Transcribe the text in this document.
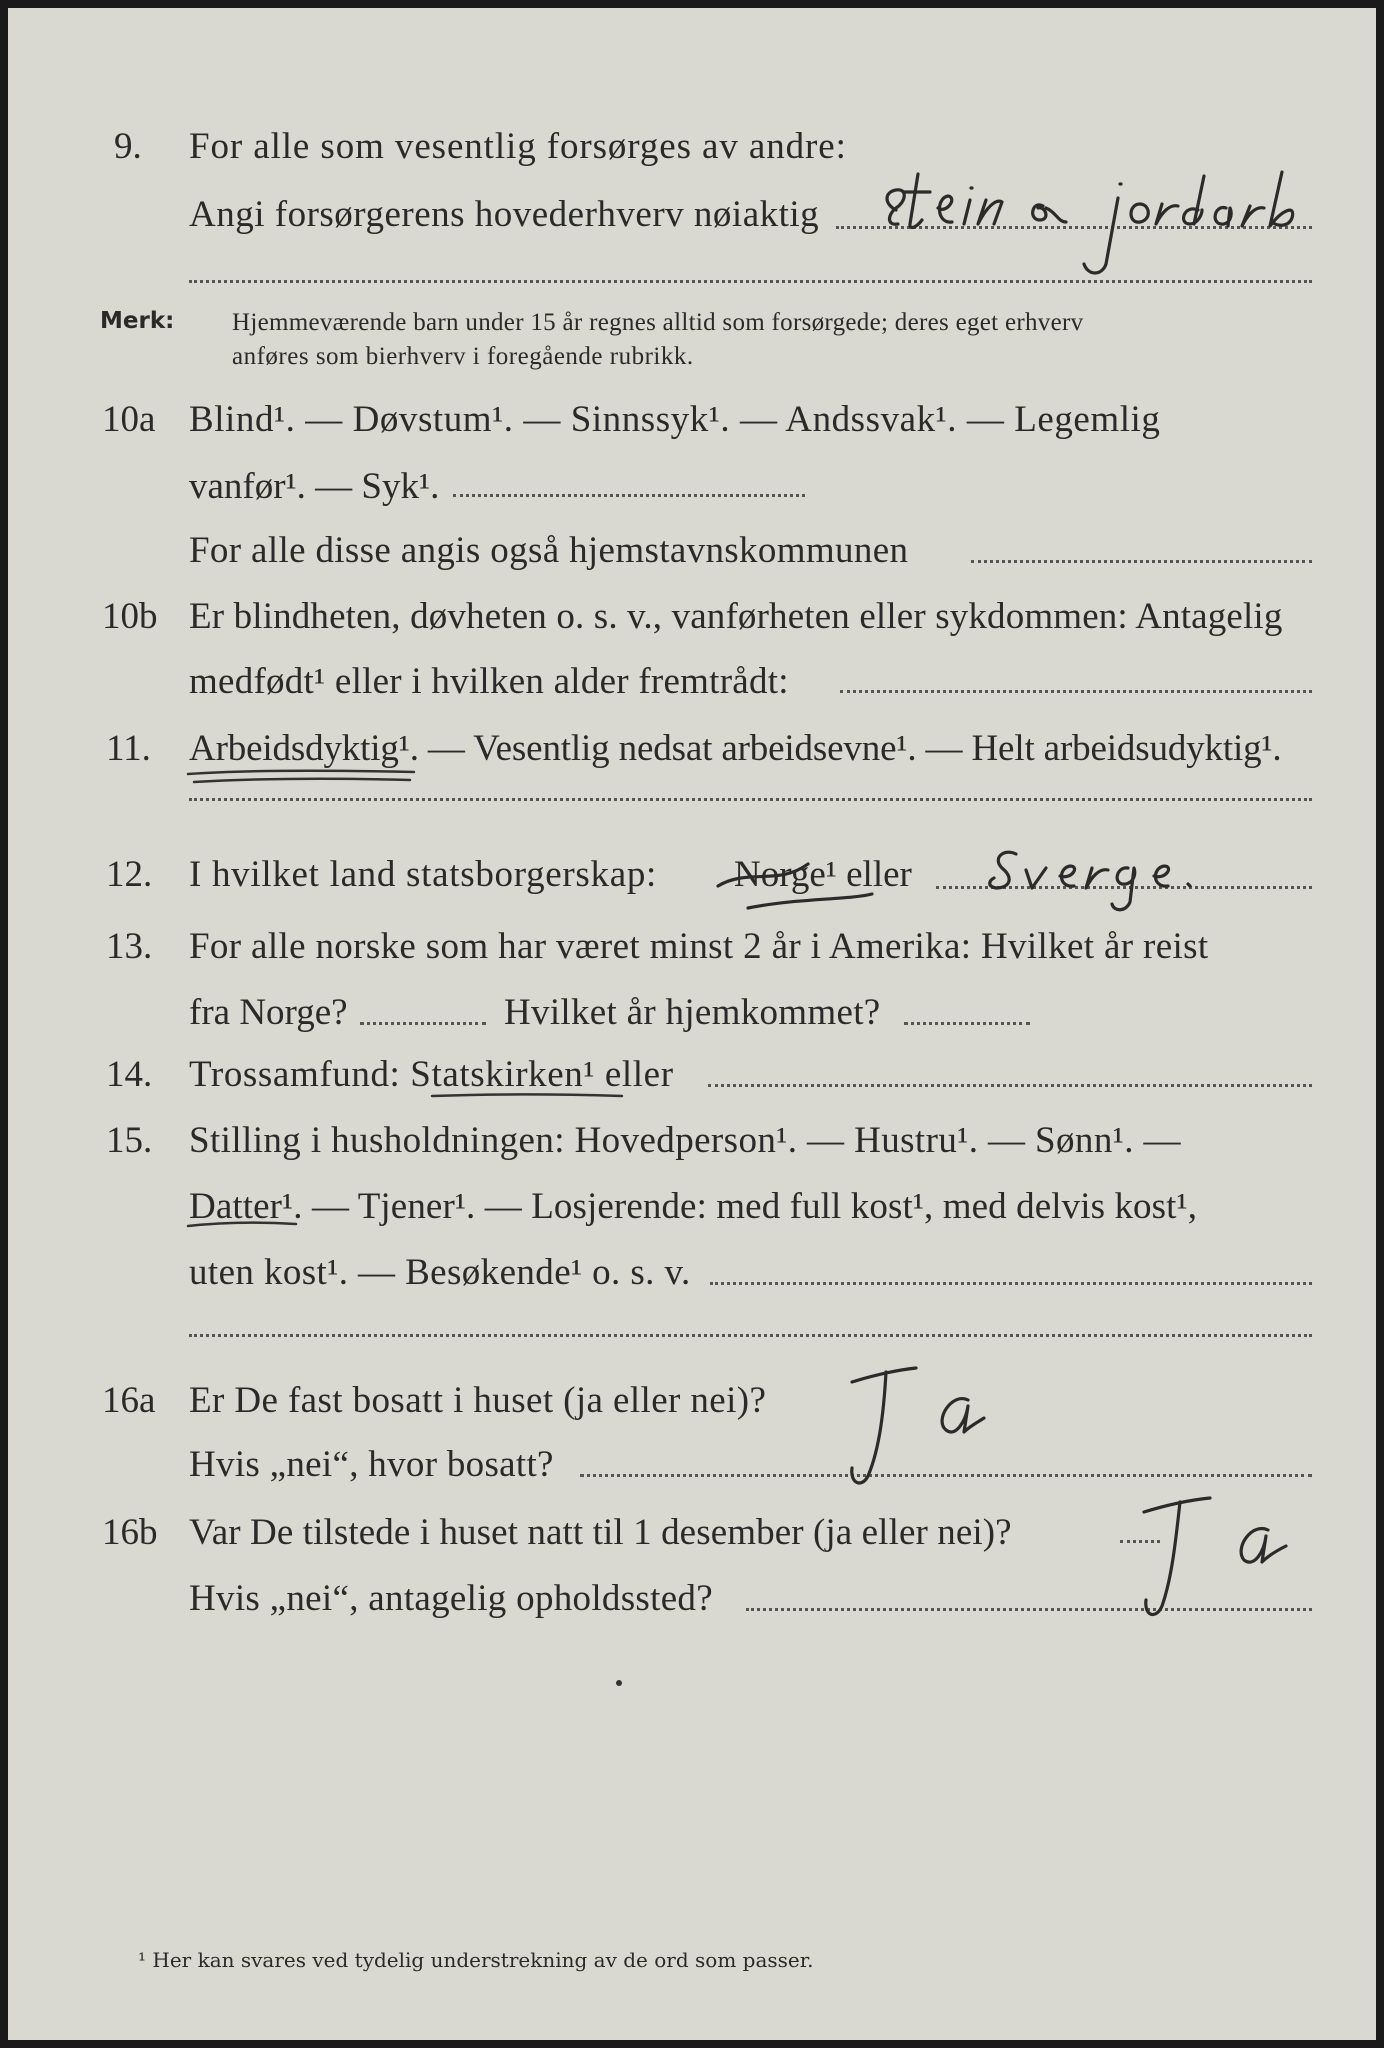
9. For alle som vesentlig forsørges av andre:
Angi forsørgerens hovederhverv nøiaktig
Merk: Hjemmeværende barn under 15 år regnes alltid som forsørgede; deres eget erhverv
anføres som bierhverv i foregående rubrikk.
10a Blind¹. — Døvstum¹. — Sinnssyk¹. — Andssvak¹. — Legemlig
vanfør¹. — Syk¹.
For alle disse angis også hjemstavnskommunen
10b Er blindheten, døvheten o. s. v., vanførheten eller sykdommen: Antagelig
medfødt¹ eller i hvilken alder fremtrådt:
11. Arbeidsdyktig¹. — Vesentlig nedsat arbeidsevne¹. — Helt arbeidsudyktig¹.
12. I hvilket land statsborgerskap: Norge¹ eller
13. For alle norske som har været minst 2 år i Amerika: Hvilket år reist
fra Norge?	Hvilket år hjemkommet?
14. Trossamfund: Statskirken¹ eller
15. Stilling i husholdningen: Hovedperson¹. — Hustru¹. — Sønn¹. —
Datter¹. — Tjener¹. — Losjerende: med full kost¹, med delvis kost¹,
uten kost¹. — Besøkende¹ o. s. v.
16a Er De fast bosatt i huset (ja eller nei)?
Hvis „nei“, hvor bosatt?
16b Var De tilstede i huset natt til 1 desember (ja eller nei)?
Hvis „nei“, antagelig opholdssted?
¹ Her kan svares ved tydelig understrekning av de ord som passer.
